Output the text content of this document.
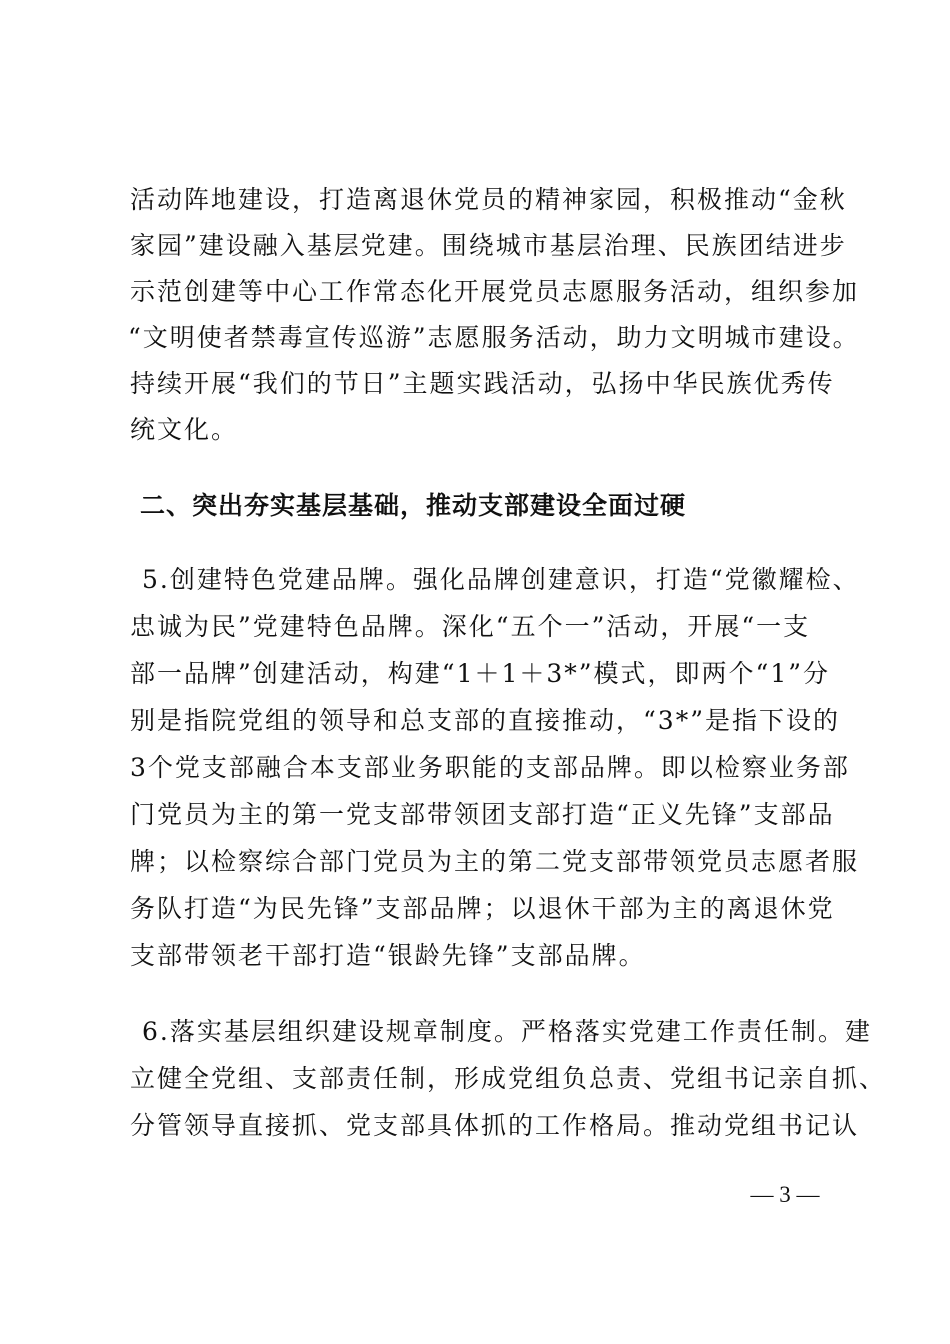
活动阵地建设，打造离退休党员的精神家园，积极推动“金秋
家园”建设融入基层党建。围绕城市基层治理、民族团结进步
示范创建等中心工作常态化开展党员志愿服务活动，组织参加
“文明使者禁毒宣传巡游”志愿服务活动，助力文明城市建设。
持续开展“我们的节日”主题实践活动，弘扬中华民族优秀传
统文化。
二、突出夯实基层基础，推动支部建设全面过硬
5.创建特色党建品牌。强化品牌创建意识，打造“党徽耀检、
忠诚为民”党建特色品牌。深化“五个一”活动，开展“一支
部一品牌”创建活动，构建“1＋1＋3*”模式，即两个“1”分
别是指院党组的领导和总支部的直接推动，“3*”是指下设的
3个党支部融合本支部业务职能的支部品牌。即以检察业务部
门党员为主的第一党支部带领团支部打造“正义先锋”支部品
牌；以检察综合部门党员为主的第二党支部带领党员志愿者服
务队打造“为民先锋”支部品牌；以退休干部为主的离退休党
支部带领老干部打造“银龄先锋”支部品牌。
6.落实基层组织建设规章制度。严格落实党建工作责任制。建
立健全党组、支部责任制，形成党组负总责、党组书记亲自抓、
分管领导直接抓、党支部具体抓的工作格局。推动党组书记认
— 3 —
